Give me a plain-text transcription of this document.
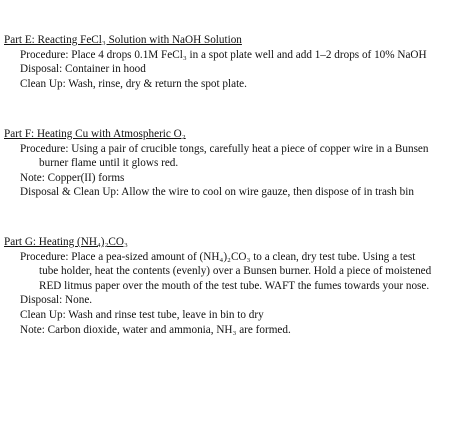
Part E: Reacting FeCl₃ Solution with NaOH Solution
Procedure: Place 4 drops 0.1M FeCl₃ in a spot plate well and add 1–2 drops of 10% NaOH
Disposal: Container in hood
Clean Up: Wash, rinse, dry & return the spot plate.
Part F: Heating Cu with Atmospheric O₂
Procedure: Using a pair of crucible tongs, carefully heat a piece of copper wire in a Bunsen
burner flame until it glows red.
Note: Copper(II) forms
Disposal & Clean Up: Allow the wire to cool on wire gauze, then dispose of in trash bin
Part G: Heating (NH₄)₂CO₃
Procedure: Place a pea-sized amount of (NH₄)₂CO₃ to a clean, dry test tube. Using a test
tube holder, heat the contents (evenly) over a Bunsen burner. Hold a piece of moistened
RED litmus paper over the mouth of the test tube. WAFT the fumes towards your nose.
Disposal: None.
Clean Up: Wash and rinse test tube, leave in bin to dry
Note: Carbon dioxide, water and ammonia, NH₃ are formed.
